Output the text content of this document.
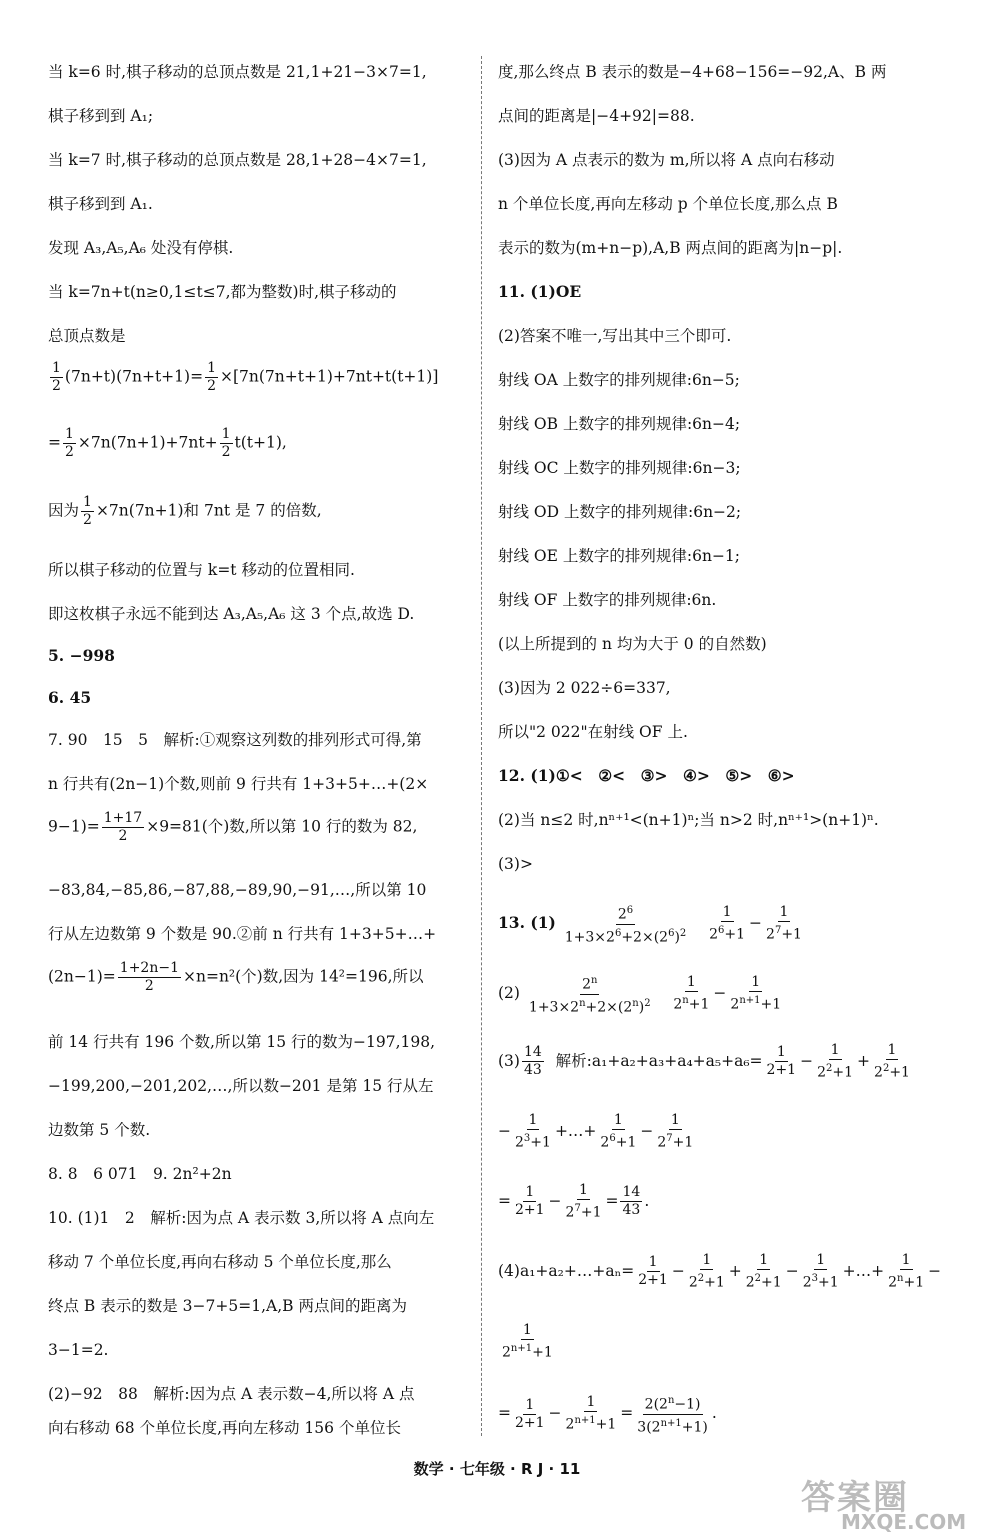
当 k=6 时,棋子移动的总顶点数是 21,1+21−3×7=1,
棋子移到到 A₁;
当 k=7 时,棋子移动的总顶点数是 28,1+28−4×7=1,
棋子移到到 A₁.
发现 A₃,A₅,A₆ 处没有停棋.
当 k=7n+t(n≥0,1≤t≤7,都为整数)时,棋子移动的
总顶点数是
$\frac{1}{2} (7n+t)(7n+t+1)= \frac{1}{2} \times[7n(7n+t+1)+7nt+t(t+1)]$
= $\frac{1}{2} \times 7n(7n+1)+7nt+ \frac{1}{2} t(t+1)$,
因为 $\frac{1}{2} \times 7n(7n+1)$和 7nt 是 7 的倍数,
所以棋子移动的位置与 k=t 移动的位置相同.
即这枚棋子永远不能到达 A₃,A₅,A₆ 这 3 个点,故选 D.
5. −998
6. 45
7. 90　15　5　解析:①观察这列数的排列形式可得,第
n 行共有(2n−1)个数,则前 9 行共有 1+3+5+…+(2×
$9-1)= \frac{1+17}{2} \times 9=81$(个)数,所以第 10 行的数为 82,
−83,84,−85,86,−87,88,−89,90,−91,…,所以第 10
行从左边数第 9 个数是 90.②前 n 行共有 1+3+5+…+
$(2n-1)= \frac{1+2n-1}{2} \times n=n^2$(个)数,因为 14²=196,所以
前 14 行共有 196 个数,所以第 15 行的数为−197,198,
−199,200,−201,202,…,所以数−201 是第 15 行从左
边数第 5 个数.
8. 8　6 071　9. 2n²+2n
10. (1)1　2　解析:因为点 A 表示数 3,所以将 A 点向左
移动 7 个单位长度,再向右移动 5 个单位长度,那么
终点 B 表示的数是 3−7+5=1,A,B 两点间的距离为
3−1=2.
(2)−92　88　解析:因为点 A 表示数−4,所以将 A 点
向右移动 68 个单位长度,再向左移动 156 个单位长
度,那么终点 B 表示的数是−4+68−156=−92,A、B 两
点间的距离是|−4+92|=88.
(3)因为 A 点表示的数为 m,所以将 A 点向右移动
n 个单位长度,再向左移动 p 个单位长度,那么点 B
表示的数为(m+n−p),A,B 两点间的距离为|n−p|.
11. (1)OE
(2)答案不唯一,写出其中三个即可.
射线 OA 上数字的排列规律:6n−5;
射线 OB 上数字的排列规律:6n−4;
射线 OC 上数字的排列规律:6n−3;
射线 OD 上数字的排列规律:6n−2;
射线 OE 上数字的排列规律:6n−1;
射线 OF 上数字的排列规律:6n.
(以上所提到的 n 均为大于 0 的自然数)
(3)因为 2 022÷6=337,
所以"2 022"在射线 OF 上.
12. (1)①<　②<　③>　④>　⑤>　⑥>
(2)当 n≤2 时,nⁿ⁺¹<(n+1)ⁿ;当 n>2 时,nⁿ⁺¹>(n+1)ⁿ.
(3)>
13. $(1) \frac{2^6}{1+3\times 2^6+2\times(2^6)^2}$
$\frac{1}{2^6+1} - \frac{1}{2^7+1}$
$(2) \frac{2^n}{1+3\times 2^n+2\times(2^n)^2}$
$\frac{1}{2^n+1} - \frac{1}{2^{n+1}+1}$
$(3) \frac{14}{43}$ 解析:a₁+a₂+a₃+a₄+a₅+a₆= $\frac{1}{2+1} - \frac{1}{2^2+1} + \frac{1}{2^2+1}$
− $\frac{1}{2^3+1}$ +…+ $\frac{1}{2^6+1} - \frac{1}{2^7+1}$
= $\frac{1}{2+1} - \frac{1}{2^7+1} = \frac{14}{43}$ .
(4)a₁+a₂+…+aₙ= $\frac{1}{2+1} - \frac{1}{2^2+1} + \frac{1}{2^2+1} - \frac{1}{2^3+1}$ +…+ $\frac{1}{2^n+1}$ −
$\frac{1}{2^{n+1}+1}$
= $\frac{1}{2+1} - \frac{1}{2^{n+1}+1} = \frac{2(2^n-1)}{3(2^{n+1}+1)}$ .
数学 · 七年级 · R J · 11
答案圈
MXQE.COM
